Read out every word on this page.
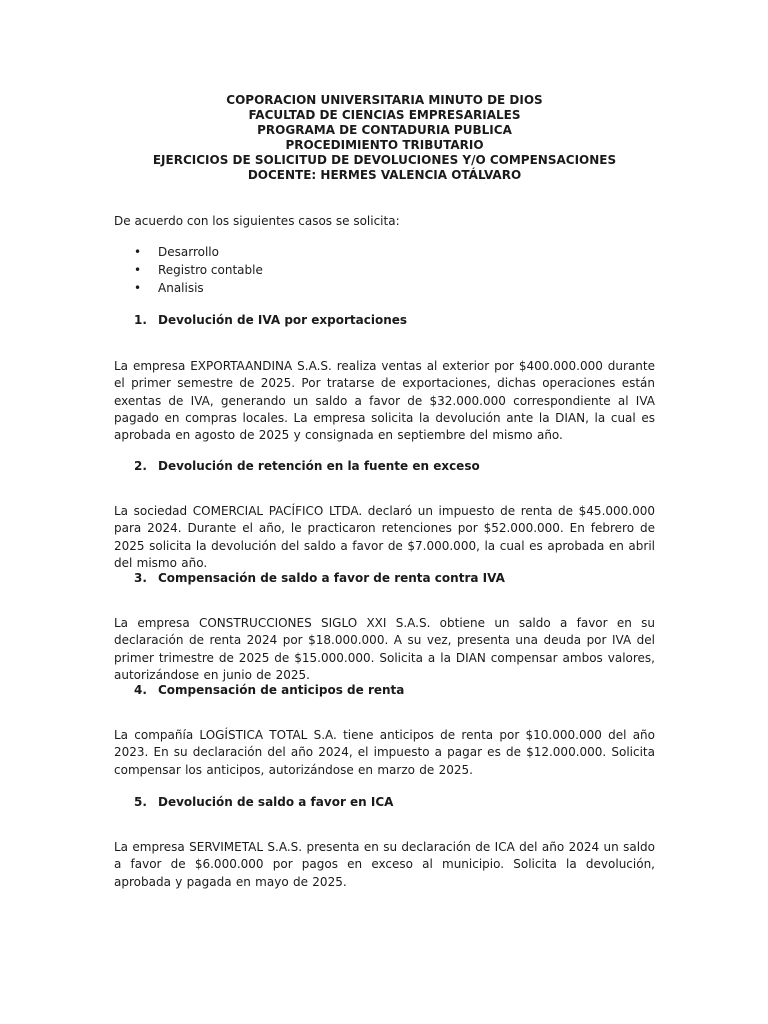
COPORACION UNIVERSITARIA MINUTO DE DIOS
FACULTAD DE CIENCIAS EMPRESARIALES
PROGRAMA DE CONTADURIA PUBLICA
PROCEDIMIENTO TRIBUTARIO
EJERCICIOS DE SOLICITUD DE DEVOLUCIONES Y/O COMPENSACIONES
DOCENTE: HERMES VALENCIA OTÁLVARO
De acuerdo con los siguientes casos se solicita:
• Desarrollo
• Registro contable
• Analisis
1. Devolución de IVA por exportaciones
La empresa EXPORTAANDINA S.A.S. realiza ventas al exterior por $400.000.000 durante el primer semestre de 2025. Por tratarse de exportaciones, dichas operaciones están exentas de IVA, generando un saldo a favor de $32.000.000 correspondiente al IVA pagado en compras locales. La empresa solicita la devolución ante la DIAN, la cual es aprobada en agosto de 2025 y consignada en septiembre del mismo año.
2. Devolución de retención en la fuente en exceso
La sociedad COMERCIAL PACÍFICO LTDA. declaró un impuesto de renta de $45.000.000 para 2024. Durante el año, le practicaron retenciones por $52.000.000. En febrero de 2025 solicita la devolución del saldo a favor de $7.000.000, la cual es aprobada en abril del mismo año.
3. Compensación de saldo a favor de renta contra IVA
La empresa CONSTRUCCIONES SIGLO XXI S.A.S. obtiene un saldo a favor en su declaración de renta 2024 por $18.000.000. A su vez, presenta una deuda por IVA del primer trimestre de 2025 de $15.000.000. Solicita a la DIAN compensar ambos valores, autorizándose en junio de 2025.
4. Compensación de anticipos de renta
La compañía LOGÍSTICA TOTAL S.A. tiene anticipos de renta por $10.000.000 del año 2023. En su declaración del año 2024, el impuesto a pagar es de $12.000.000. Solicita compensar los anticipos, autorizándose en marzo de 2025.
5. Devolución de saldo a favor en ICA
La empresa SERVIMETAL S.A.S. presenta en su declaración de ICA del año 2024 un saldo a favor de $6.000.000 por pagos en exceso al municipio. Solicita la devolución, aprobada y pagada en mayo de 2025.
